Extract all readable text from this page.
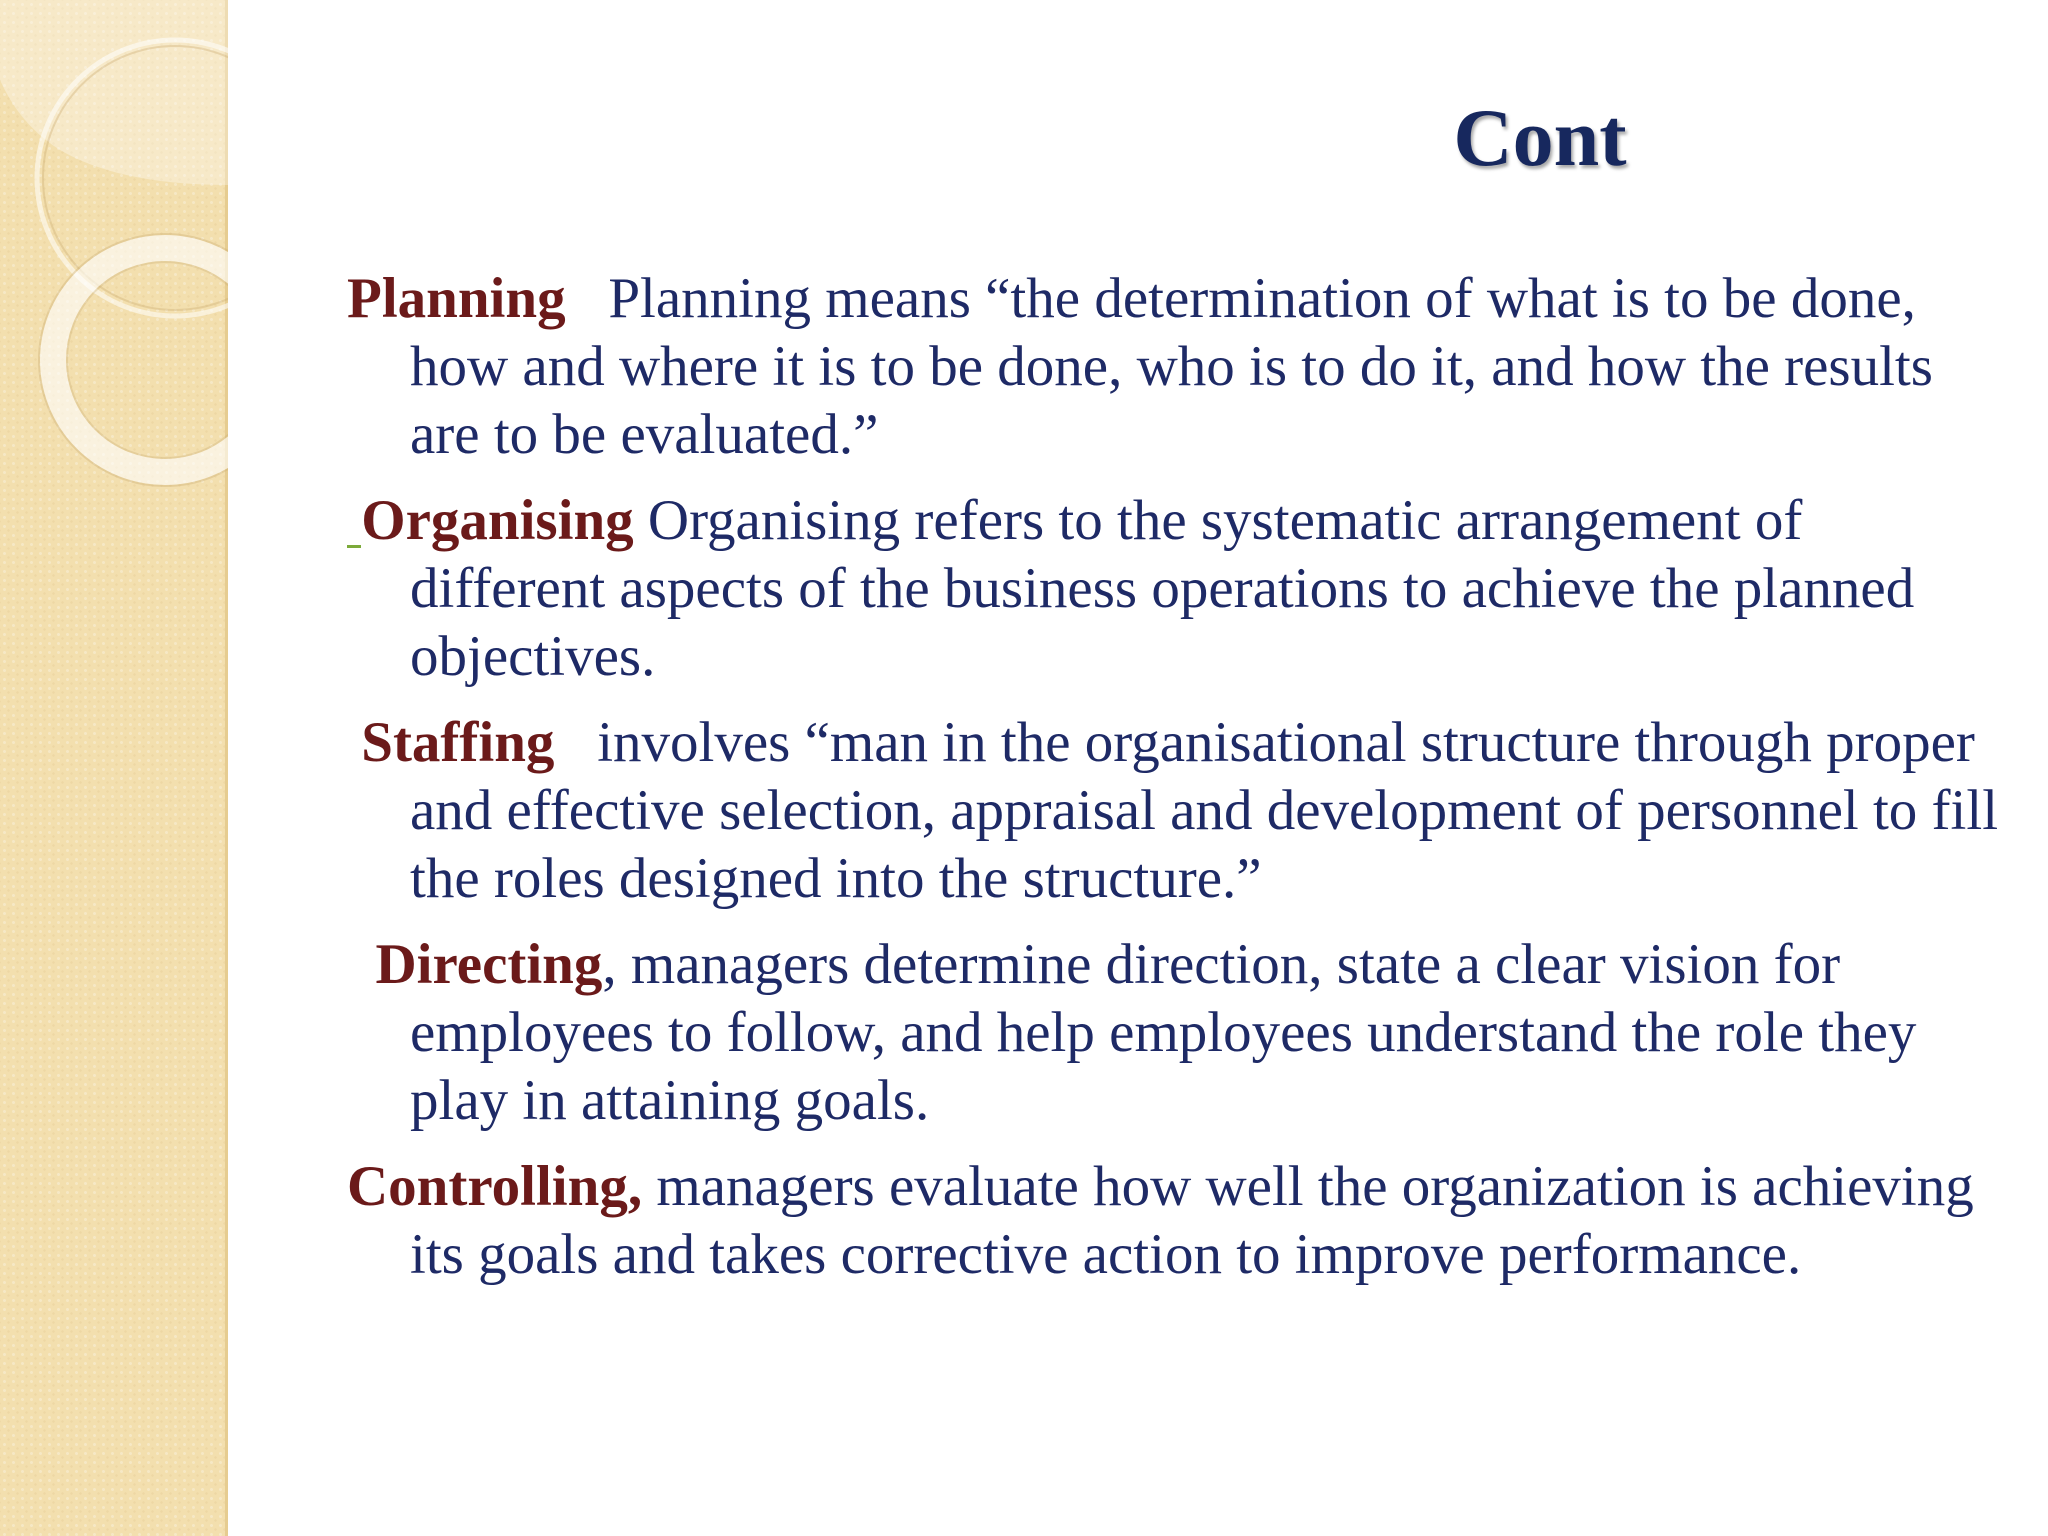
Cont

Planning Planning means “the determination of what is to be done, how and where it is to be done, who is to do it, and how the results are to be evaluated.”

Organising Organising refers to the systematic arrangement of different aspects of the business operations to achieve the planned objectives.

Staffing involves “man in the organisational structure through proper and effective selection, appraisal and development of personnel to fill the roles designed into the structure.”

Directing, managers determine direction, state a clear vision for employees to follow, and help employees understand the role they play in attaining goals.

Controlling, managers evaluate how well the organization is achieving its goals and takes corrective action to improve performance.
